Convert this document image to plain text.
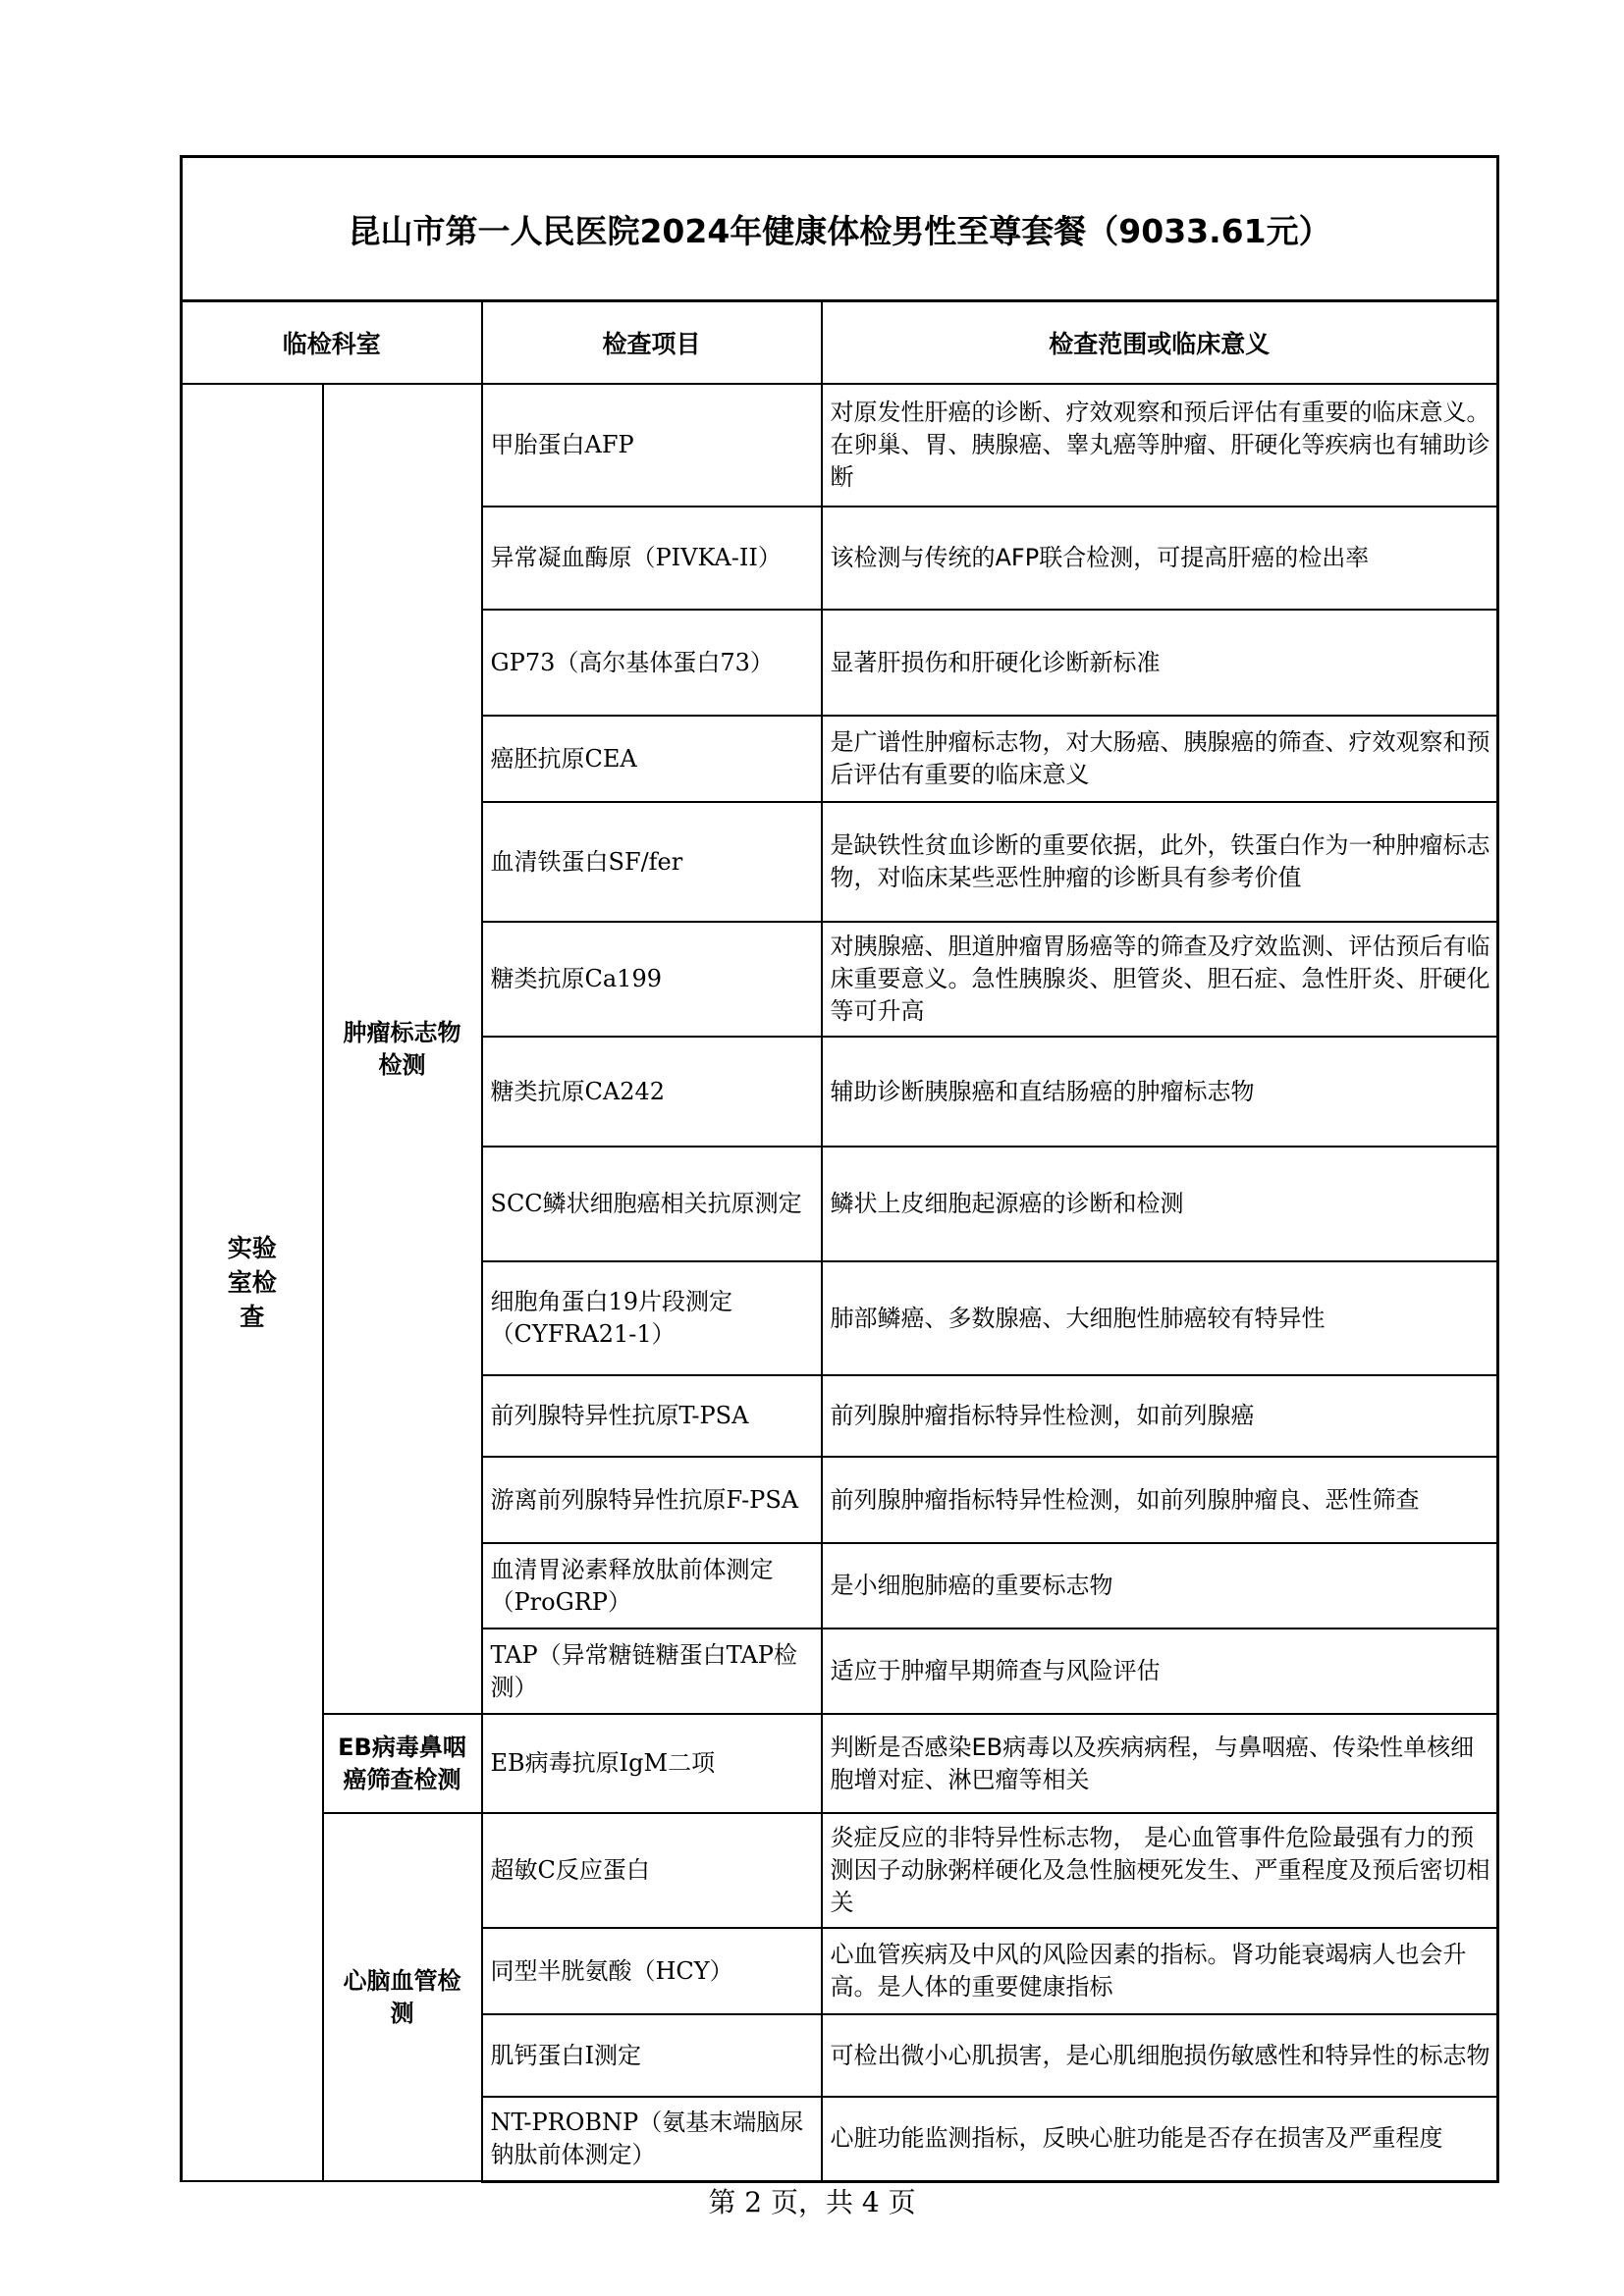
昆山市第一人民医院2024年健康体检男性至尊套餐（9033.61元）			
临检科室		检查项目	检查范围或临床意义

实验室检查	肿瘤标志物检测	甲胎蛋白AFP	对原发性肝癌的诊断、疗效观察和预后评估有重要的临床意义。在卵巢、胃、胰腺癌、睾丸癌等肿瘤、肝硬化等疾病也有辅助诊断
		异常凝血酶原（PIVKA-II）	该检测与传统的AFP联合检测，可提高肝癌的检出率
		GP73（高尔基体蛋白73）	显著肝损伤和肝硬化诊断新标准
		癌胚抗原CEA	是广谱性肿瘤标志物，对大肠癌、胰腺癌的筛查、疗效观察和预后评估有重要的临床意义
		血清铁蛋白SF/fer	是缺铁性贫血诊断的重要依据，此外，铁蛋白作为一种肿瘤标志物，对临床某些恶性肿瘤的诊断具有参考价值
		糖类抗原Ca199	对胰腺癌、胆道肿瘤胃肠癌等的筛查及疗效监测、评估预后有临床重要意义。急性胰腺炎、胆管炎、胆石症、急性肝炎、肝硬化等可升高
		糖类抗原CA242	辅助诊断胰腺癌和直结肠癌的肿瘤标志物
		SCC鳞状细胞癌相关抗原测定	鳞状上皮细胞起源癌的诊断和检测
		细胞角蛋白19片段测定（CYFRA21-1）	肺部鳞癌、多数腺癌、大细胞性肺癌较有特异性
		前列腺特异性抗原T-PSA	前列腺肿瘤指标特异性检测，如前列腺癌
		游离前列腺特异性抗原F-PSA	前列腺肿瘤指标特异性检测，如前列腺肿瘤良、恶性筛查
		血清胃泌素释放肽前体测定（ProGRP）	是小细胞肺癌的重要标志物
		TAP（异常糖链糖蛋白TAP检测）	适应于肿瘤早期筛查与风险评估

	EB病毒鼻咽癌筛查检测	EB病毒抗原IgM二项	判断是否感染EB病毒以及疾病病程，与鼻咽癌、传染性单核细胞增对症、淋巴瘤等相关

	心脑血管检测	超敏C反应蛋白	炎症反应的非特异性标志物， 是心血管事件危险最强有力的预测因子动脉粥样硬化及急性脑梗死发生、严重程度及预后密切相关
		同型半胱氨酸（HCY）	心血管疾病及中风的风险因素的指标。肾功能衰竭病人也会升高。是人体的重要健康指标
		肌钙蛋白I测定	可检出微小心肌损害，是心肌细胞损伤敏感性和特异性的标志物
		NT-PROBNP（氨基末端脑尿钠肽前体测定）	心脏功能监测指标，反映心脏功能是否存在损害及严重程度
第 2 页，共 4 页
